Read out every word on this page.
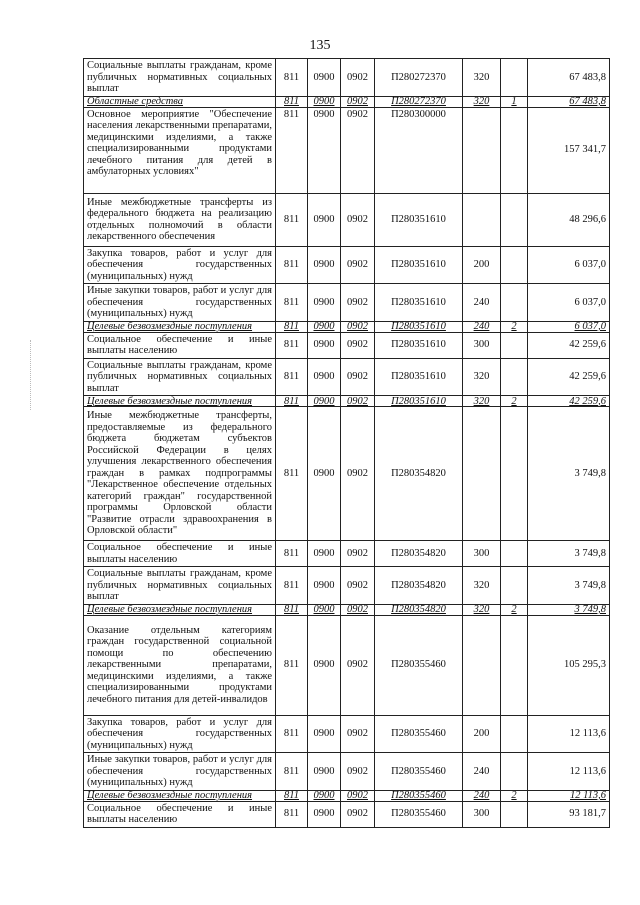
135
Социальные выплаты гражданам, кроме публичных нормативных социальных выплат	811	0900	0902	П280272370	320		67 483,8
Областные средства	811	0900	0902	П280272370	320	1	67 483,8
Основное мероприятие "Обеспечение населения лекарственными препаратами, медицинскими изделиями, а также специализированными продуктами лечебного питания для детей в амбулаторных условиях"	811	0900	0902	П280300000			157 341,7
Иные межбюджетные трансферты из федерального бюджета на реализацию отдельных полномочий в области лекарственного обеспечения	811	0900	0902	П280351610			48 296,6
Закупка товаров, работ и услуг для обеспечения государственных (муниципальных) нужд	811	0900	0902	П280351610	200		6 037,0
Иные закупки товаров, работ и услуг для обеспечения государственных (муниципальных) нужд	811	0900	0902	П280351610	240		6 037,0
Целевые безвозмездные поступления	811	0900	0902	П280351610	240	2	6 037,0
Социальное обеспечение и иные выплаты населению	811	0900	0902	П280351610	300		42 259,6
Социальные выплаты гражданам, кроме публичных нормативных социальных выплат	811	0900	0902	П280351610	320		42 259,6
Целевые безвозмездные поступления	811	0900	0902	П280351610	320	2	42 259,6
Иные межбюджетные трансферты, предоставляемые из федерального бюджета бюджетам субъектов Российской Федерации в целях улучшения лекарственного обеспечения граждан в рамках подпрограммы "Лекарственное обеспечение отдельных категорий граждан" государственной программы Орловской области "Развитие отрасли здравоохранения в Орловской области"	811	0900	0902	П280354820			3 749,8
Социальное обеспечение и иные выплаты населению	811	0900	0902	П280354820	300		3 749,8
Социальные выплаты гражданам, кроме публичных нормативных социальных выплат	811	0900	0902	П280354820	320		3 749,8
Целевые безвозмездные поступления	811	0900	0902	П280354820	320	2	3 749,8
Оказание отдельным категориям граждан государственной социальной помощи по обеспечению лекарственными препаратами, медицинскими изделиями, а также специализированными продуктами лечебного питания для детей-инвалидов	811	0900	0902	П280355460			105 295,3
Закупка товаров, работ и услуг для обеспечения государственных (муниципальных) нужд	811	0900	0902	П280355460	200		12 113,6
Иные закупки товаров, работ и услуг для обеспечения государственных (муниципальных) нужд	811	0900	0902	П280355460	240		12 113,6
Целевые безвозмездные поступления	811	0900	0902	П280355460	240	2	12 113,6
Социальное обеспечение и иные выплаты населению	811	0900	0902	П280355460	300		93 181,7
